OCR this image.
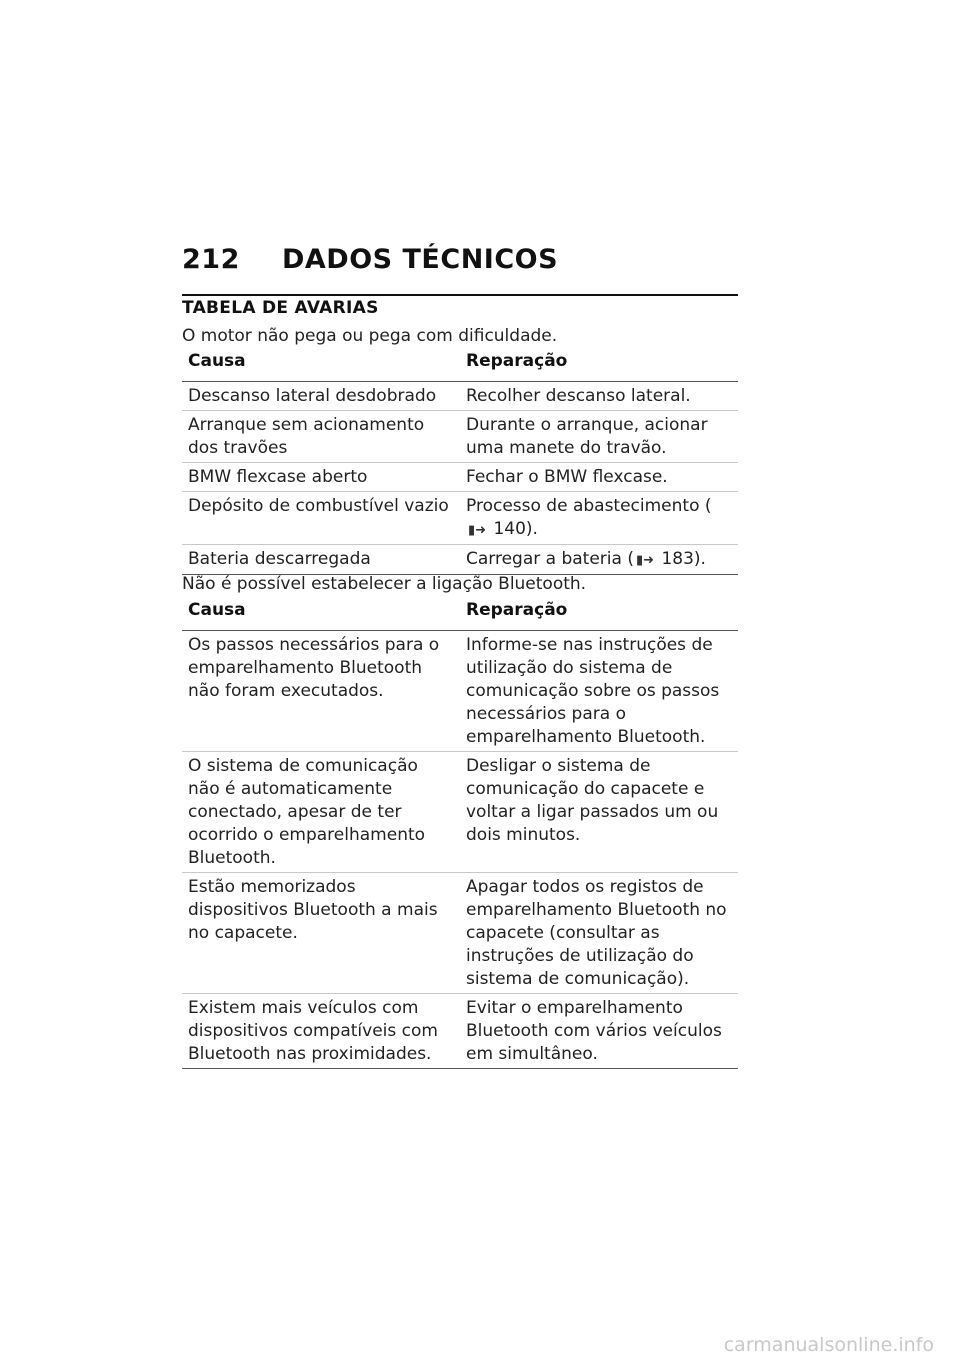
212 DADOS TÉCNICOS
TABELA DE AVARIAS
O motor não pega ou pega com dificuldade.
Causa	Reparação
Descanso lateral desdobrado	Recolher descanso lateral.
Arranque sem acionamento dos travões	Durante o arranque, acionar uma manete do travão.
BMW flexcase aberto	Fechar o BMW flexcase.
Depósito de combustível vazio	Processo de abastecimento (▮➜ 140).
Bateria descarregada	Carregar a bateria ( ▮➜ 183).
Não é possível estabelecer a ligação Bluetooth.
Causa	Reparação
Os passos necessários para o emparelhamento Bluetooth não foram executados.	Informe-se nas instruções de utilização do sistema de comunicação sobre os passos necessários para o emparelhamento Bluetooth.
O sistema de comunicação não é automaticamente conectado, apesar de ter ocorrido o emparelhamento Bluetooth.	Desligar o sistema de comunicação do capacete e voltar a ligar passados um ou dois minutos.
Estão memorizados dispositivos Bluetooth a mais no capacete.	Apagar todos os registos de emparelhamento Bluetooth no capacete (consultar as instruções de utilização do sistema de comunicação).
Existem mais veículos com dispositivos compatíveis com Bluetooth nas proximidades.	Evitar o emparelhamento Bluetooth com vários veículos em simultâneo.
carmanualsonline.info
